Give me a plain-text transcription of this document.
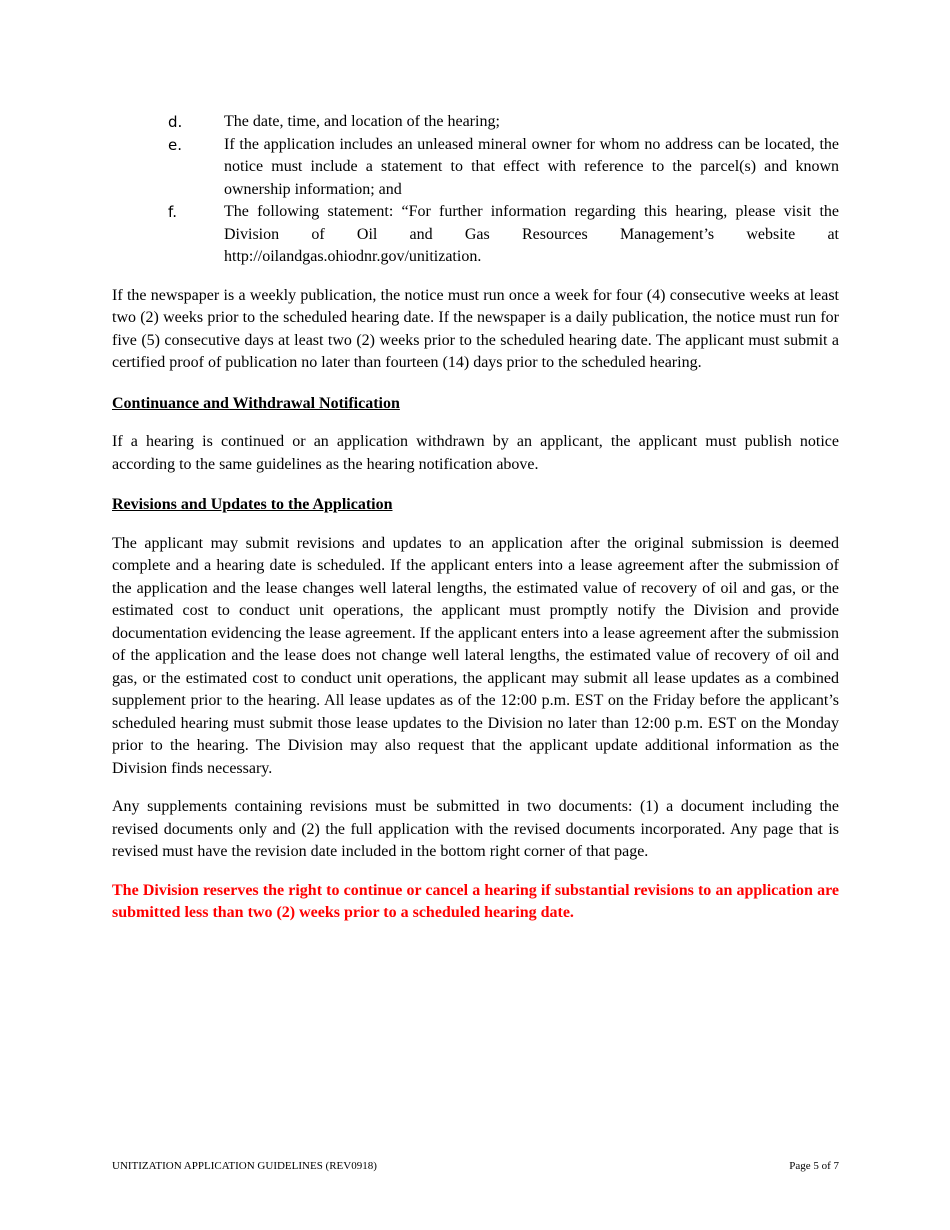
d.	The date, time, and location of the hearing;
e.	If the application includes an unleased mineral owner for whom no address can be located, the notice must include a statement to that effect with reference to the parcel(s) and known ownership information; and
f.	The following statement: “For further information regarding this hearing, please visit the Division of Oil and Gas Resources Management’s website at http://oilandgas.ohiodnr.gov/unitization.

If the newspaper is a weekly publication, the notice must run once a week for four (4) consecutive weeks at least two (2) weeks prior to the scheduled hearing date. If the newspaper is a daily publication, the notice must run for five (5) consecutive days at least two (2) weeks prior to the scheduled hearing date. The applicant must submit a certified proof of publication no later than fourteen (14) days prior to the scheduled hearing.

Continuance and Withdrawal Notification

If a hearing is continued or an application withdrawn by an applicant, the applicant must publish notice according to the same guidelines as the hearing notification above.

Revisions and Updates to the Application

The applicant may submit revisions and updates to an application after the original submission is deemed complete and a hearing date is scheduled. If the applicant enters into a lease agreement after the submission of the application and the lease changes well lateral lengths, the estimated value of recovery of oil and gas, or the estimated cost to conduct unit operations, the applicant must promptly notify the Division and provide documentation evidencing the lease agreement. If the applicant enters into a lease agreement after the submission of the application and the lease does not change well lateral lengths, the estimated value of recovery of oil and gas, or the estimated cost to conduct unit operations, the applicant may submit all lease updates as a combined supplement prior to the hearing. All lease updates as of the 12:00 p.m. EST on the Friday before the applicant’s scheduled hearing must submit those lease updates to the Division no later than 12:00 p.m. EST on the Monday prior to the hearing. The Division may also request that the applicant update additional information as the Division finds necessary.

Any supplements containing revisions must be submitted in two documents: (1) a document including the revised documents only and (2) the full application with the revised documents incorporated. Any page that is revised must have the revision date included in the bottom right corner of that page.

The Division reserves the right to continue or cancel a hearing if substantial revisions to an application are submitted less than two (2) weeks prior to a scheduled hearing date.

UNITIZATION APPLICATION GUIDELINES (REV0918)	Page 5 of 7
